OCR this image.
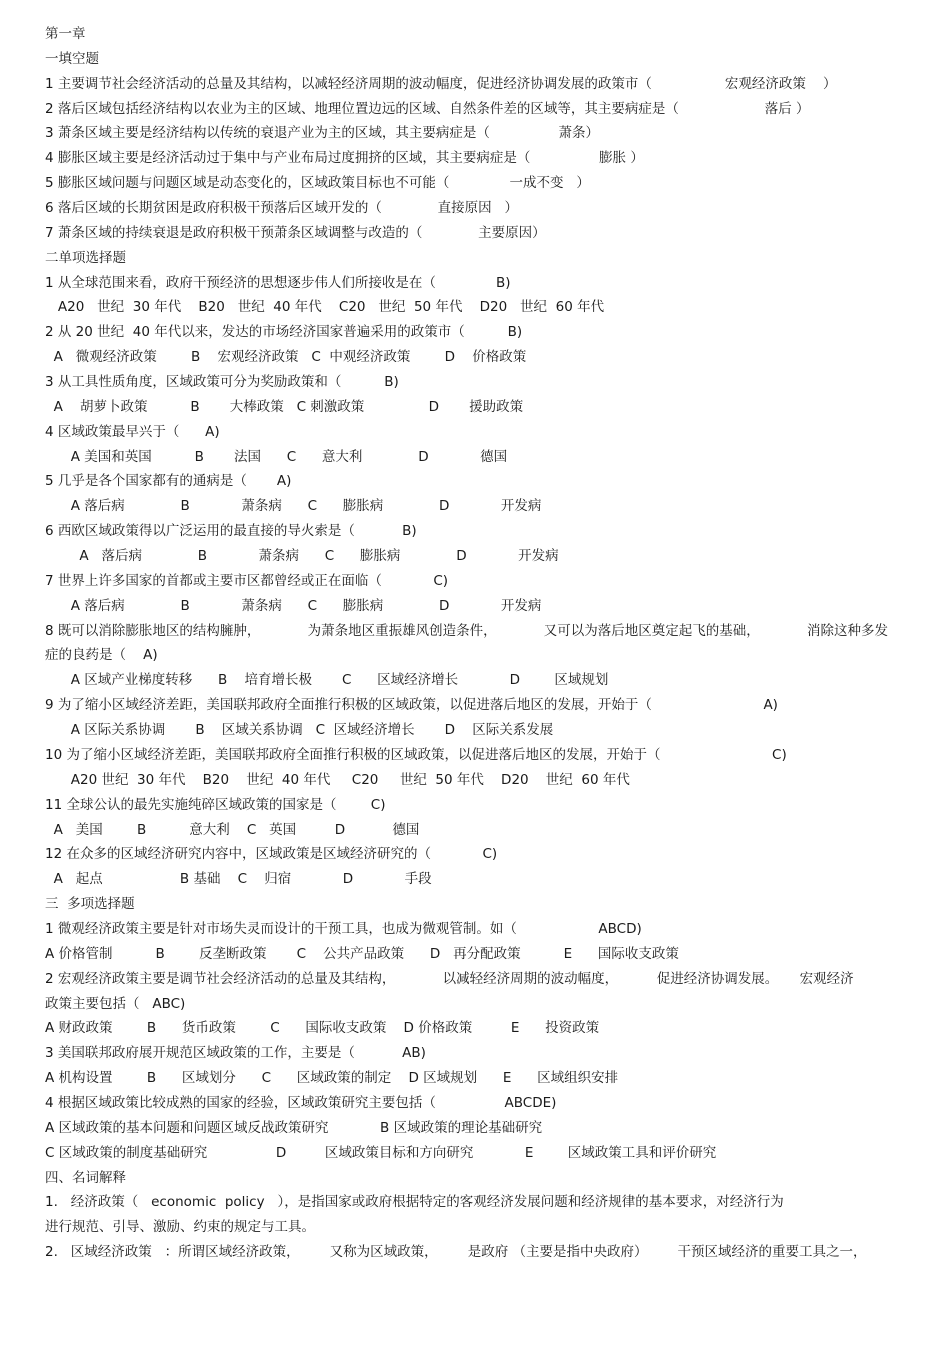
第一章
一填空题
1 主要调节社会经济活动的总量及其结构，以减轻经济周期的波动幅度，促进经济协调发展的政策市（                 宏观经济政策    ）
2 落后区域包括经济结构以农业为主的区域、地理位置边远的区域、自然条件差的区域等，其主要病症是（                    落后 ）
3 萧条区域主要是经济结构以传统的衰退产业为主的区域，其主要病症是（                萧条）
4 膨胀区域主要是经济活动过于集中与产业布局过度拥挤的区域，其主要病症是（                膨胀 ）
5 膨胀区域问题与问题区域是动态变化的，区域政策目标也不可能（              一成不变   ）
6 落后区域的长期贫困是政府积极干预落后区域开发的（             直接原因   ）
7 萧条区域的持续衰退是政府积极干预萧条区域调整与改造的（             主要原因）
二单项选择题
1 从全球范围来看，政府干预经济的思想逐步伟人们所接收是在（              B)
A20   世纪  30 年代    B20   世纪  40 年代    C20   世纪  50 年代    D20   世纪  60 年代
2 从 20 世纪  40 年代以来，发达的市场经济国家普遍采用的政策市（          B)
A   微观经济政策        B    宏观经济政策   C  中观经济政策        D    价格政策
3 从工具性质角度，区域政策可分为奖励政策和（          B)
A    胡萝卜政策          B       大棒政策   C 刺激政策               D       援助政策
4 区域政策最早兴于（      A)
A 美国和英国          B       法国      C      意大利             D            德国
5 几乎是各个国家都有的通病是（       A)
A 落后病             B            萧条病      C      膨胀病             D            开发病
6 西欧区域政策得以广泛运用的最直接的导火索是（           B)
A   落后病             B            萧条病      C      膨胀病             D            开发病
7 世界上许多国家的首都或主要市区都曾经或正在面临（            C)
A 落后病             B            萧条病      C      膨胀病             D            开发病
8 既可以消除膨胀地区的结构臃肿，           为萧条地区重振雄风创造条件，           又可以为落后地区奠定起飞的基础，           消除这种多发
症的良药是（    A)
A 区域产业梯度转移      B    培育增长极       C      区域经济增长            D        区域规划
9 为了缩小区域经济差距，美国联邦政府全面推行积极的区域政策，以促进落后地区的发展，开始于（                          A)
A 区际关系协调       B    区域关系协调   C  区域经济增长       D    区际关系发展
10 为了缩小区域经济差距，美国联邦政府全面推行积极的区域政策，以促进落后地区的发展，开始于（                          C)
A20 世纪  30 年代    B20    世纪  40 年代     C20     世纪  50 年代    D20    世纪  60 年代
11 全球公认的最先实施纯碎区域政策的国家是（        C)
A   美国        B          意大利    C   英国         D           德国
12 在众多的区域经济研究内容中，区域政策是区域经济研究的（            C)
A   起点                  B 基础    C    归宿            D            手段
三  多项选择题
1 微观经济政策主要是针对市场失灵而设计的干预工具，也成为微观管制。如（                   ABCD)
A 价格管制          B        反垄断政策       C    公共产品政策      D   再分配政策          E      国际收支政策
2 宏观经济政策主要是调节社会经济活动的总量及其结构，           以减轻经济周期的波动幅度，         促进经济协调发展。     宏观经济
政策主要包括（   ABC)
A 财政政策        B      货币政策        C      国际收支政策    D 价格政策         E      投资政策
3 美国联邦政府展开规范区域政策的工作，主要是（           AB)
A 机构设置        B      区域划分      C      区域政策的制定    D 区域规划      E      区域组织安排
4 根据区域政策比较成熟的国家的经验，区域政策研究主要包括（                ABCDE)
A 区域政策的基本问题和问题区域反战政策研究            B 区域政策的理论基础研究
C 区域政策的制度基础研究                D         区域政策目标和方向研究            E        区域政策工具和评价研究
四、名词解释
1.   经济政策（   economic  policy   ），是指国家或政府根据特定的客观经济发展问题和经济规律的基本要求，对经济行为
进行规范、引导、激励、约束的规定与工具。
2.   区域经济政策   ：所谓区域经济政策，       又称为区域政策，       是政府 （主要是指中央政府）       干预区域经济的重要工具之一，
